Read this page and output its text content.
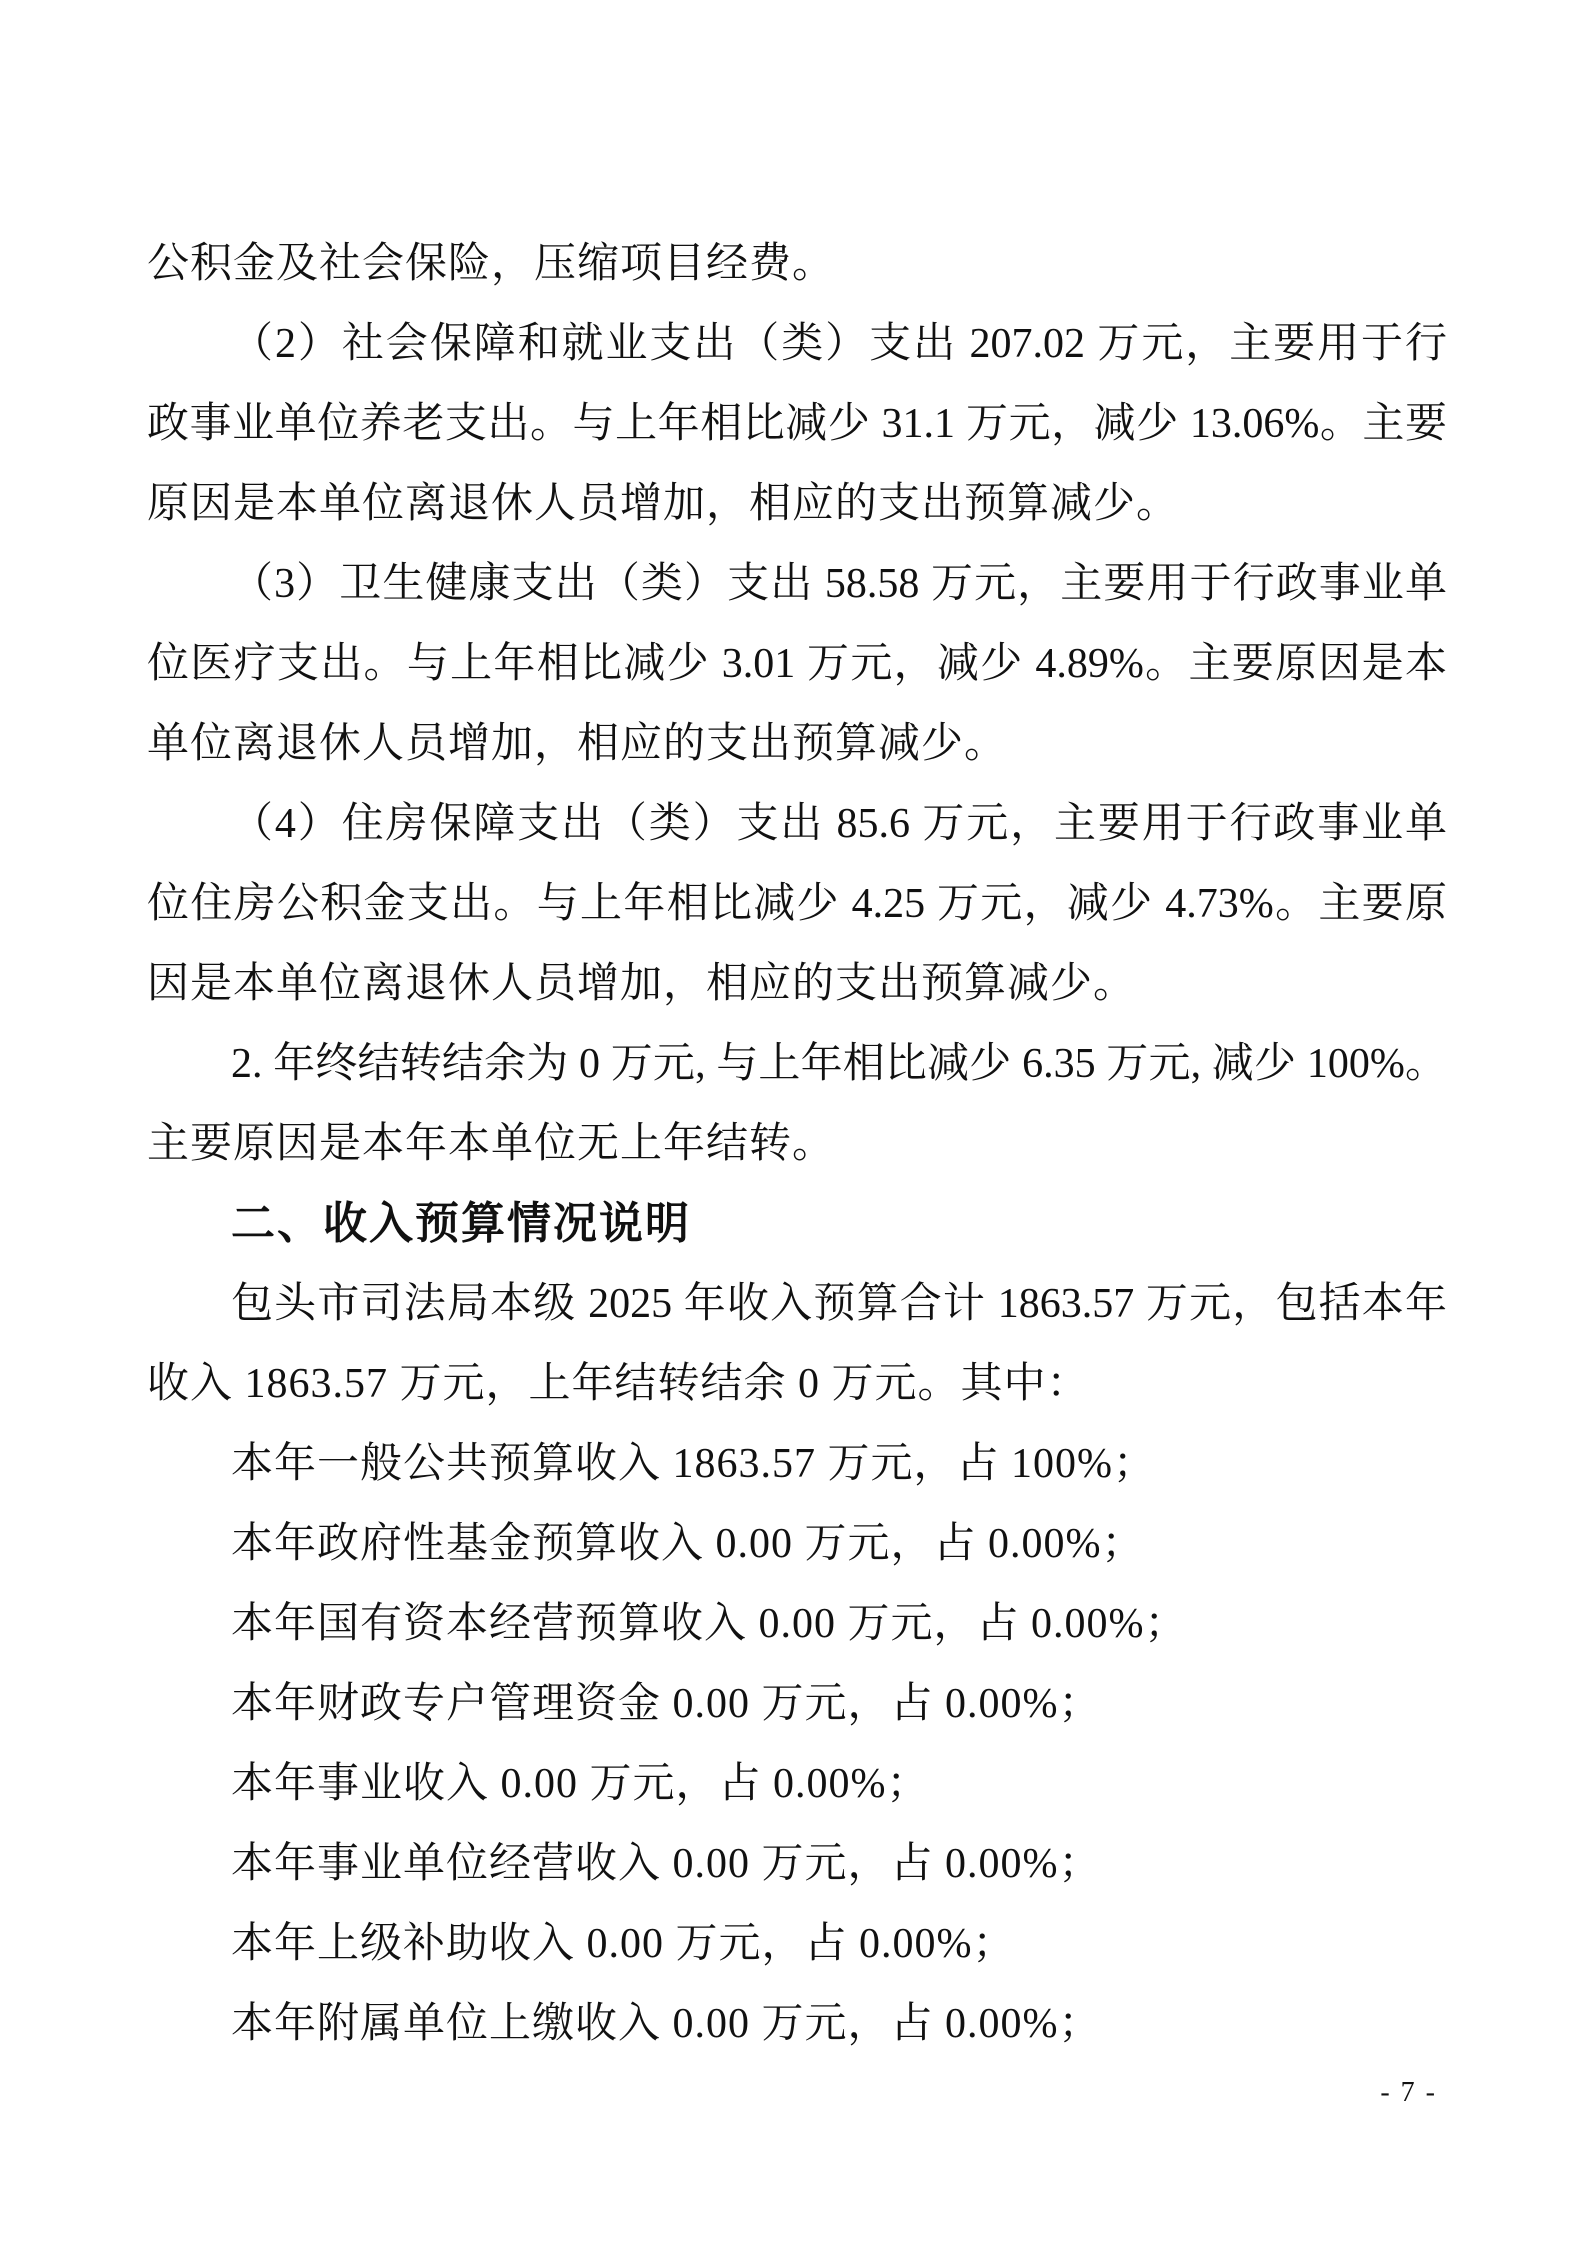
公积金及社会保险，压缩项目经费。
（2）社会保障和就业支出（类）支出 207.02 万元，主要用于行
政事业单位养老支出。与上年相比减少 31.1 万元，减少 13.06%。主要
原因是本单位离退休人员增加，相应的支出预算减少。
（3）卫生健康支出（类）支出 58.58 万元，主要用于行政事业单
位医疗支出。与上年相比减少 3.01 万元，减少 4.89%。主要原因是本
单位离退休人员增加，相应的支出预算减少。
（4）住房保障支出（类）支出 85.6 万元，主要用于行政事业单
位住房公积金支出。与上年相比减少 4.25 万元，减少 4.73%。主要原
因是本单位离退休人员增加，相应的支出预算减少。
2. 年终结转结余为 0 万元, 与上年相比减少 6.35 万元, 减少 100%。
主要原因是本年本单位无上年结转。
二、收入预算情况说明
包头市司法局本级 2025 年收入预算合计 1863.57 万元，包括本年
收入 1863.57 万元，上年结转结余 0 万元。其中：
本年一般公共预算收入 1863.57 万元，占 100%；
本年政府性基金预算收入 0.00 万元，占 0.00%；
本年国有资本经营预算收入 0.00 万元，占 0.00%；
本年财政专户管理资金 0.00 万元，占 0.00%；
本年事业收入 0.00 万元，占 0.00%；
本年事业单位经营收入 0.00 万元，占 0.00%；
本年上级补助收入 0.00 万元，占 0.00%；
本年附属单位上缴收入 0.00 万元，占 0.00%；
- 7 -
